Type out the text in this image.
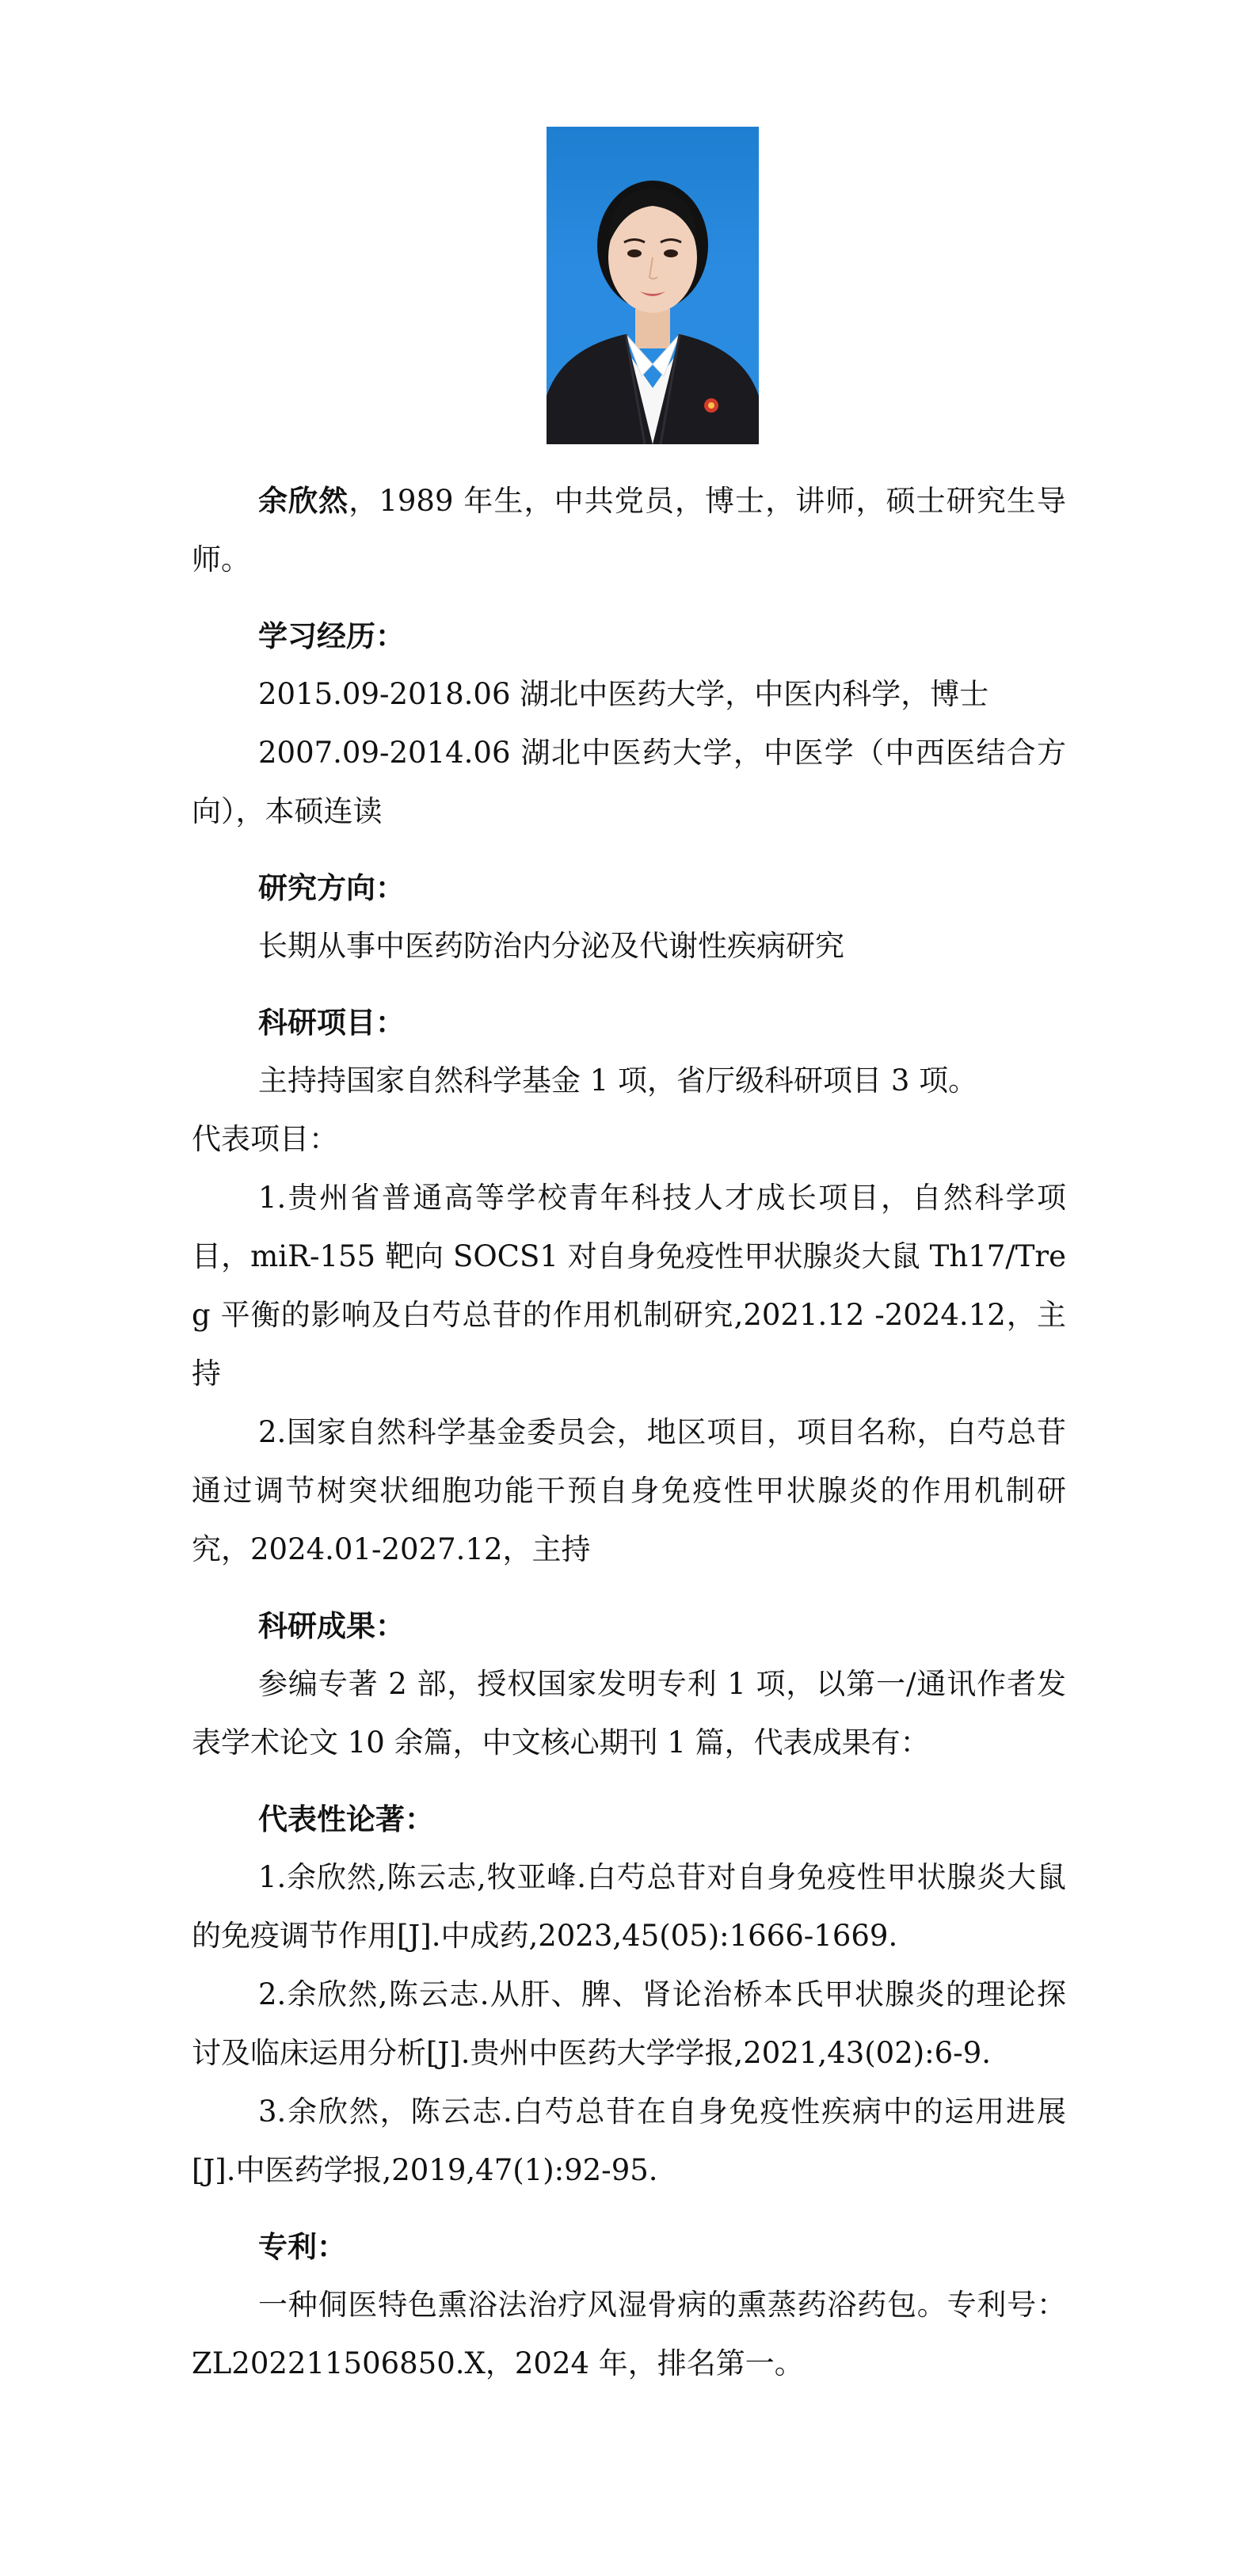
余欣然，1989 年生，中共党员，博士，讲师，硕士研究生导师。

学习经历：

2015.09-2018.06 湖北中医药大学，中医内科学，博士

2007.09-2014.06 湖北中医药大学，中医学（中西医结合方向），本硕连读

研究方向：

长期从事中医药防治内分泌及代谢性疾病研究

科研项目：

主持持国家自然科学基金 1 项，省厅级科研项目 3 项。

代表项目：

1.贵州省普通高等学校青年科技人才成长项目，自然科学项目，miR-155 靶向 SOCS1 对自身免疫性甲状腺炎大鼠 Th17/Treg 平衡的影响及白芍总苷的作用机制研究,2021.12 -2024.12，主持

2.国家自然科学基金委员会，地区项目，项目名称，白芍总苷通过调节树突状细胞功能干预自身免疫性甲状腺炎的作用机制研究，2024.01-2027.12，主持

科研成果：

参编专著 2 部，授权国家发明专利 1 项，以第一/通讯作者发表学术论文 10 余篇，中文核心期刊 1 篇，代表成果有：

代表性论著：

1.余欣然,陈云志,牧亚峰.白芍总苷对自身免疫性甲状腺炎大鼠的免疫调节作用[J].中成药,2023,45(05):1666-1669.

2.余欣然,陈云志.从肝、脾、肾论治桥本氏甲状腺炎的理论探讨及临床运用分析[J].贵州中医药大学学报,2021,43(02):6-9.

3.余欣然，陈云志.白芍总苷在自身免疫性疾病中的运用进展[J].中医药学报,2019,47(1):92-95.

专利：

一种侗医特色熏浴法治疗风湿骨病的熏蒸药浴药包。专利号：ZL202211506850.X，2024 年，排名第一。
